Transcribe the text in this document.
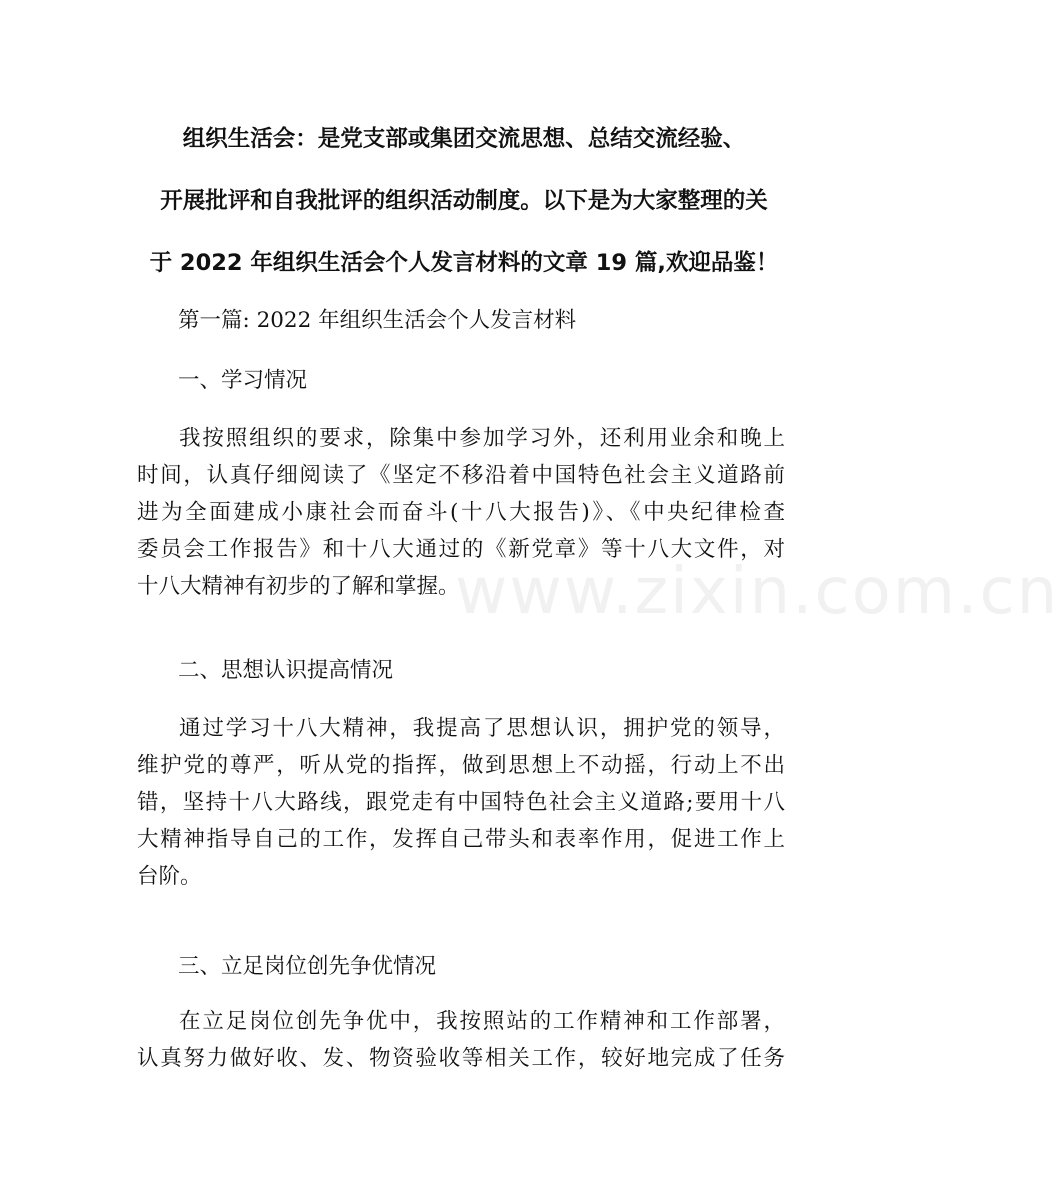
组织生活会：是党支部或集团交流思想、总结交流经验、
开展批评和自我批评的组织活动制度。以下是为大家整理的关
于 2022 年组织生活会个人发言材料的文章 19 篇,欢迎品鉴！

第一篇: 2022 年组织生活会个人发言材料

一、学习情况

我按照组织的要求，除集中参加学习外，还利用业余和晚上
时间，认真仔细阅读了《坚定不移沿着中国特色社会主义道路前
进为全面建成小康社会而奋斗(十八大报告)》、《中央纪律检查
委员会工作报告》和十八大通过的《新党章》等十八大文件，对
十八大精神有初步的了解和掌握。

二、思想认识提高情况

通过学习十八大精神，我提高了思想认识，拥护党的领导，
维护党的尊严，听从党的指挥，做到思想上不动摇，行动上不出
错，坚持十八大路线，跟党走有中国特色社会主义道路;要用十八
大精神指导自己的工作，发挥自己带头和表率作用，促进工作上
台阶。

三、立足岗位创先争优情况

在立足岗位创先争优中，我按照站的工作精神和工作部署，
认真努力做好收、发、物资验收等相关工作，较好地完成了任务
www.zixin.com.cn
